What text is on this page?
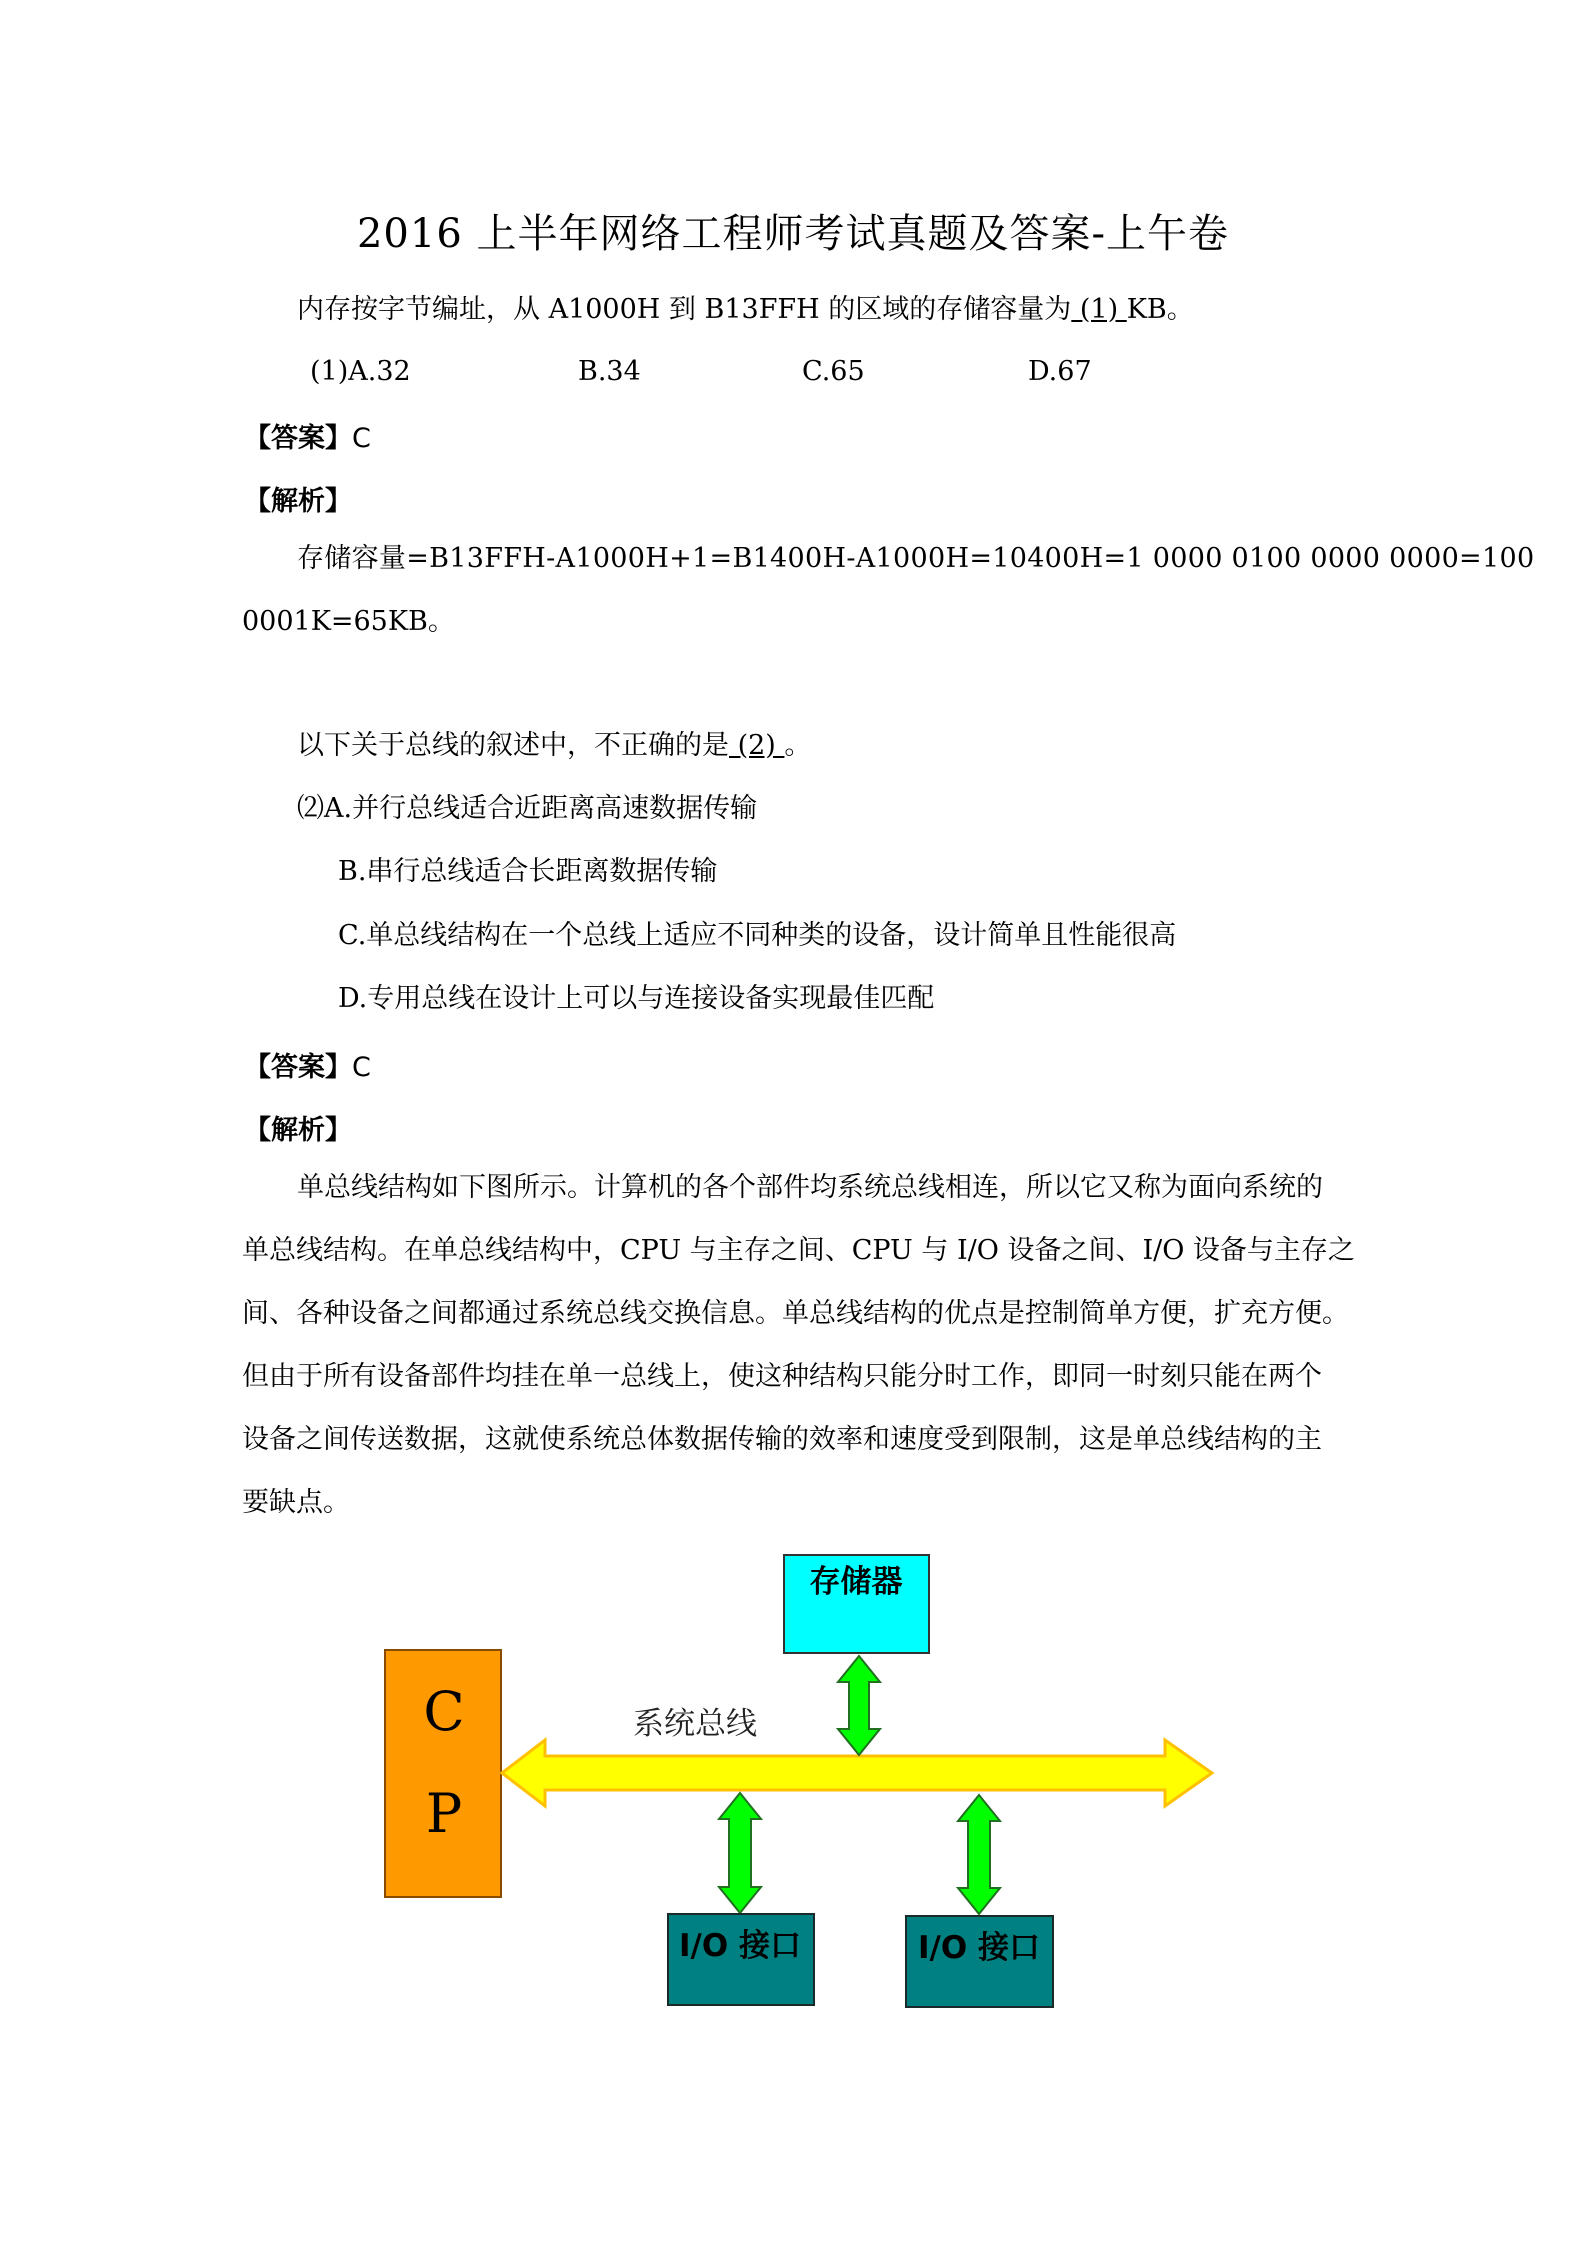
2016 上半年网络工程师考试真题及答案-上午卷
内存按字节编址，从 A1000H 到 B13FFH 的区域的存储容量为 (1) KB。
(1)A.32	B.34	C.65	D.67
【答案】C
【解析】
存储容量=B13FFH-A1000H+1=B1400H-A1000H=10400H=1 0000 0100 0000 0000=100
0001K=65KB。
以下关于总线的叙述中，不正确的是 (2) 。
⑵A.并行总线适合近距离高速数据传输
B.串行总线适合长距离数据传输
C.单总线结构在一个总线上适应不同种类的设备，设计简单且性能很高
D.专用总线在设计上可以与连接设备实现最佳匹配
【答案】C
【解析】
单总线结构如下图所示。计算机的各个部件均系统总线相连，所以它又称为面向系统的
单总线结构。在单总线结构中，CPU 与主存之间、CPU 与 I/O 设备之间、I/O 设备与主存之
间、各种设备之间都通过系统总线交换信息。单总线结构的优点是控制简单方便，扩充方便。
但由于所有设备部件均挂在单一总线上，使这种结构只能分时工作，即同一时刻只能在两个
设备之间传送数据，这就使系统总体数据传输的效率和速度受到限制，这是单总线结构的主
要缺点。
C
P
存储器
系统总线
I/O 接口	I/O 接口
